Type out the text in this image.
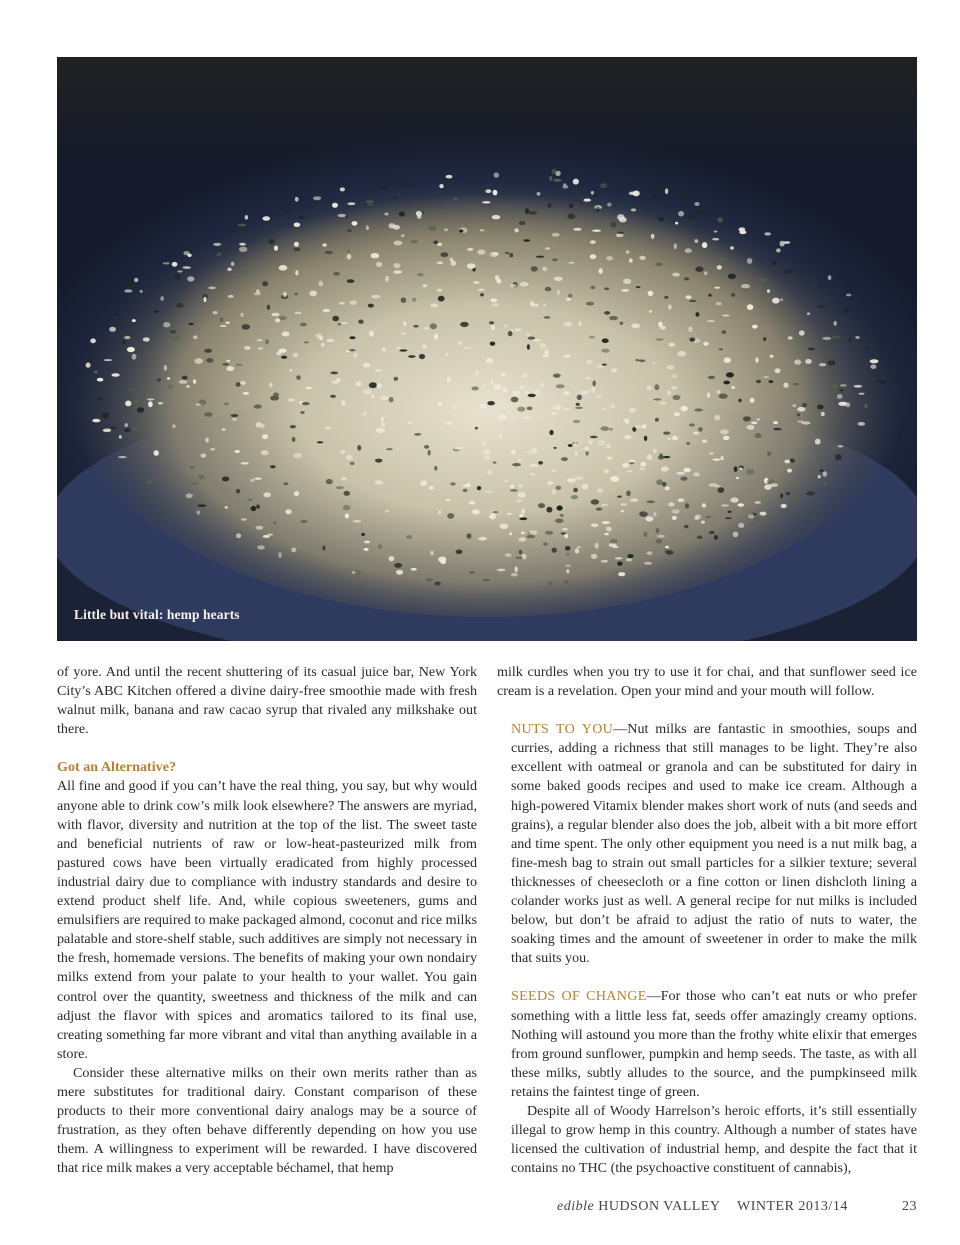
Little but vital: hemp hearts

of yore. And until the recent shuttering of its casual juice bar, New York City’s ABC Kitchen offered a divine dairy-free smoothie made with fresh walnut milk, banana and raw cacao syrup that rivaled any milkshake out there.

Got an Alternative?

All fine and good if you can’t have the real thing, you say, but why would anyone able to drink cow’s milk look elsewhere? The answers are myriad, with flavor, diversity and nutrition at the top of the list. The sweet taste and beneficial nutrients of raw or low-heat-pasteurized milk from pastured cows have been virtually eradicated from highly processed industrial dairy due to compliance with industry standards and desire to extend product shelf life. And, while copious sweeteners, gums and emulsifiers are required to make packaged almond, coconut and rice milks palatable and store-shelf stable, such additives are simply not necessary in the fresh, homemade versions. The benefits of making your own nondairy milks extend from your palate to your health to your wallet. You gain control over the quantity, sweetness and thickness of the milk and can adjust the flavor with spices and aromatics tailored to its final use, creating something far more vibrant and vital than anything available in a store.

Consider these alternative milks on their own merits rather than as mere substitutes for traditional dairy. Constant comparison of these products to their more conventional dairy analogs may be a source of frustration, as they often behave differently depending on how you use them. A willingness to experiment will be rewarded. I have discovered that rice milk makes a very acceptable béchamel, that hemp

milk curdles when you try to use it for chai, and that sunflower seed ice cream is a revelation. Open your mind and your mouth will follow.

NUTS TO YOU—Nut milks are fantastic in smoothies, soups and curries, adding a richness that still manages to be light. They’re also excellent with oatmeal or granola and can be substituted for dairy in some baked goods recipes and used to make ice cream. Although a high-powered Vitamix blender makes short work of nuts (and seeds and grains), a regular blender also does the job, albeit with a bit more effort and time spent. The only other equipment you need is a nut milk bag, a fine-mesh bag to strain out small particles for a silkier texture; several thicknesses of cheesecloth or a fine cotton or linen dishcloth lining a colander works just as well. A general recipe for nut milks is included below, but don’t be afraid to adjust the ratio of nuts to water, the soaking times and the amount of sweetener in order to make the milk that suits you.

SEEDS OF CHANGE—For those who can’t eat nuts or who prefer something with a little less fat, seeds offer amazingly creamy options. Nothing will astound you more than the frothy white elixir that emerges from ground sunflower, pumpkin and hemp seeds. The taste, as with all these milks, subtly alludes to the source, and the pumpkinseed milk retains the faintest tinge of green.

Despite all of Woody Harrelson’s heroic efforts, it’s still essentially illegal to grow hemp in this country. Although a number of states have licensed the cultivation of industrial hemp, and despite the fact that it contains no THC (the psychoactive constituent of cannabis),

edible HUDSON VALLEY WINTER 2013/14	23
